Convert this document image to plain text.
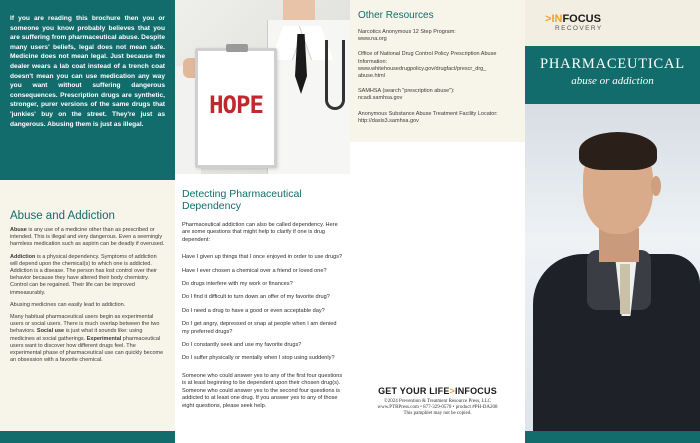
If you are reading this brochure then you or someone you know probably believes that you are suffering from pharmaceutical abuse. Despite many users' beliefs, legal does not mean safe. Medicine does not mean legal. Just because the dealer wears a lab coat instead of a trench coat doesn't mean you can use medication any way you want without suffering dangerous consequences. Prescription drugs are synthetic, stronger, purer versions of the same drugs that 'junkies' buy on the street. They're just as dangerous. Abusing them is just as illegal.

Abuse and Addiction

Abuse is any use of a medicine other than as prescribed or intended. This is illegal and very dangerous. Even a seemingly harmless medication such as aspirin can be deadly if overused.

Addiction is a physical dependency. Symptoms of addiction will depend upon the chemical(s) to which one is addicted. Addiction is a disease. The person has lost control over their behavior because they have altered their body chemistry. Control can be regained. Their life can be improved immeasurably.

Abusing medicines can easily lead to addiction.

Many habitual pharmaceutical users begin as experimental users or social users. There is much overlap between the two behaviors. Social use is just what it sounds like: using medicines at social gatherings. Experimental pharmaceutical users want to discover how different drugs feel. The experimental phase of pharmaceutical use can quickly become an obsession with a favorite chemical.

HOPE
Detecting Pharmaceutical Dependency

Pharmaceutical addiction can also be called dependency. Here are some questions that might help to clarify if one is drug dependent:

Have I given up things that I once enjoyed in order to use drugs?

Have I ever chosen a chemical over a friend or loved one?

Do drugs interfere with my work or finances?

Do I find it difficult to turn down an offer of my favorite drug?

Do I need a drug to have a good or even acceptable day?

Do I get angry, depressed or snap at people when I am denied my preferred drugs?

Do I constantly seek and use my favorite drugs?

Do I suffer physically or mentally when I stop using suddenly?

Someone who could answer yes to any of the first four questions is at least beginning to be dependent upon their chosen drug(s). Someone who could answer yes to the second four questions is addicted to at least one drug. If you answer yes to any of those eight questions, please seek help.

Other Resources
Narcotics Anonymous 12 Step Program:
www.na.org
Office of National Drug Control Policy Prescription Abuse Information:
www.whitehousedrugpolicy.gov/drugfact/prescr_drg_
abuse.html
SAMHSA (search "prescription abuse"):
ncadi.samhsa.gov
Anonymous Substance Abuse Treatment Facility Locator:
http://dasis3.samhsa.gov
GET YOUR LIFE>INFOCUS
©2024 Prevention & Treatment Resource Press, LLC
www.PTRPress.com • 877-329-0570 • product #PH-DA208
This pamphlet may not be copied.
>INFOCUS
RECOVERY
PHARMACEUTICAL
abuse or addiction
